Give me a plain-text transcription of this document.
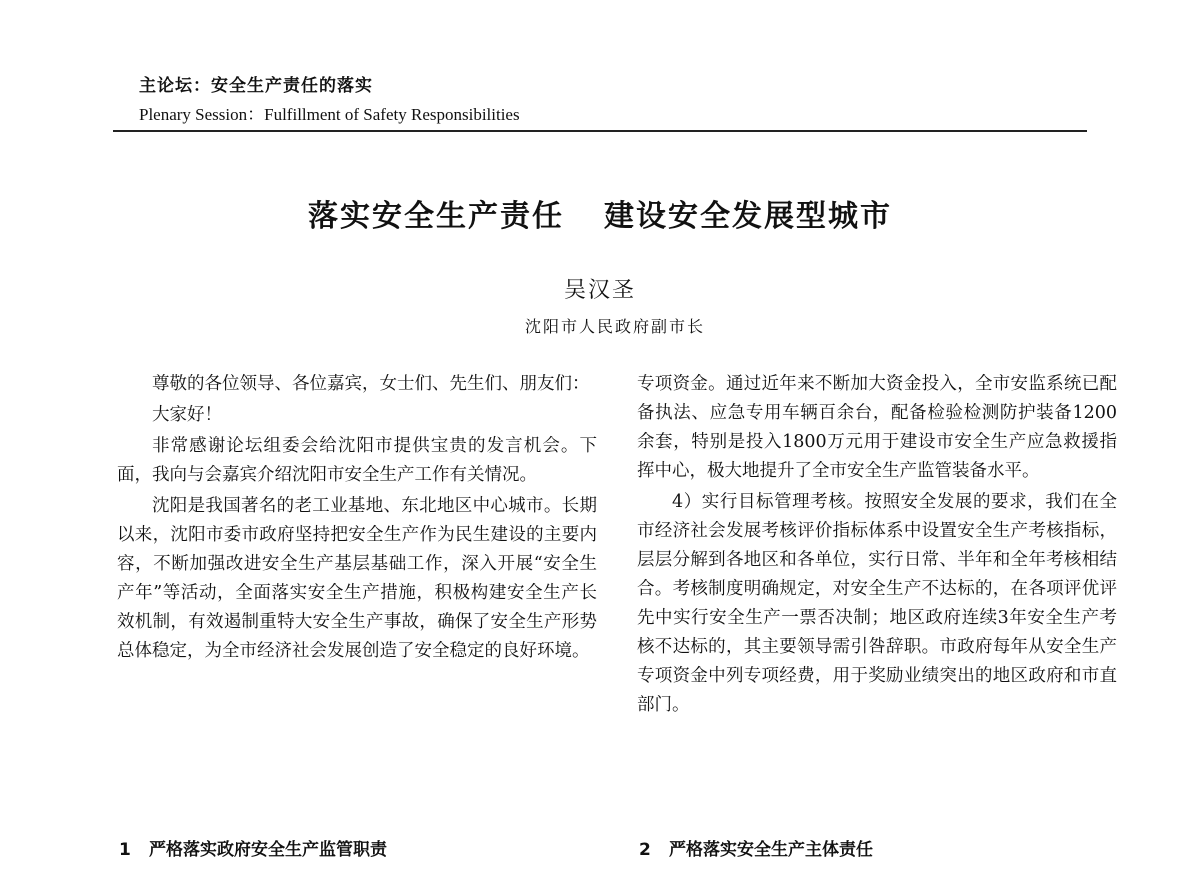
主论坛：安全生产责任的落实
Plenary Session：Fulfillment of Safety Responsibilities
落实安全生产责任 建设安全发展型城市
吴汉圣
沈阳市人民政府副市长

尊敬的各位领导、各位嘉宾，女士们、先生们、朋友们：

大家好！

非常感谢论坛组委会给沈阳市提供宝贵的发言机会。下面，我向与会嘉宾介绍沈阳市安全生产工作有关情况。

沈阳是我国著名的老工业基地、东北地区中心城市。长期以来，沈阳市委市政府坚持把安全生产作为民生建设的主要内容，不断加强改进安全生产基层基础工作，深入开展“安全生产年”等活动，全面落实安全生产措施，积极构建安全生产长效机制，有效遏制重特大安全生产事故，确保了安全生产形势总体稳定，为全市经济社会发展创造了安全稳定的良好环境。

专项资金。通过近年来不断加大资金投入，全市安监系统已配备执法、应急专用车辆百余台，配备检验检测防护装备1200余套，特别是投入1800万元用于建设市安全生产应急救援指挥中心，极大地提升了全市安全生产监管装备水平。

4）实行目标管理考核。按照安全发展的要求，我们在全市经济社会发展考核评价指标体系中设置安全生产考核指标，层层分解到各地区和各单位，实行日常、半年和全年考核相结合。考核制度明确规定，对安全生产不达标的，在各项评优评先中实行安全生产一票否决制；地区政府连续3年安全生产考核不达标的，其主要领导需引咎辞职。市政府每年从安全生产专项资金中列专项经费，用于奖励业绩突出的地区政府和市直部门。

1 严格落实政府安全生产监管职责	2 严格落实安全生产主体责任
